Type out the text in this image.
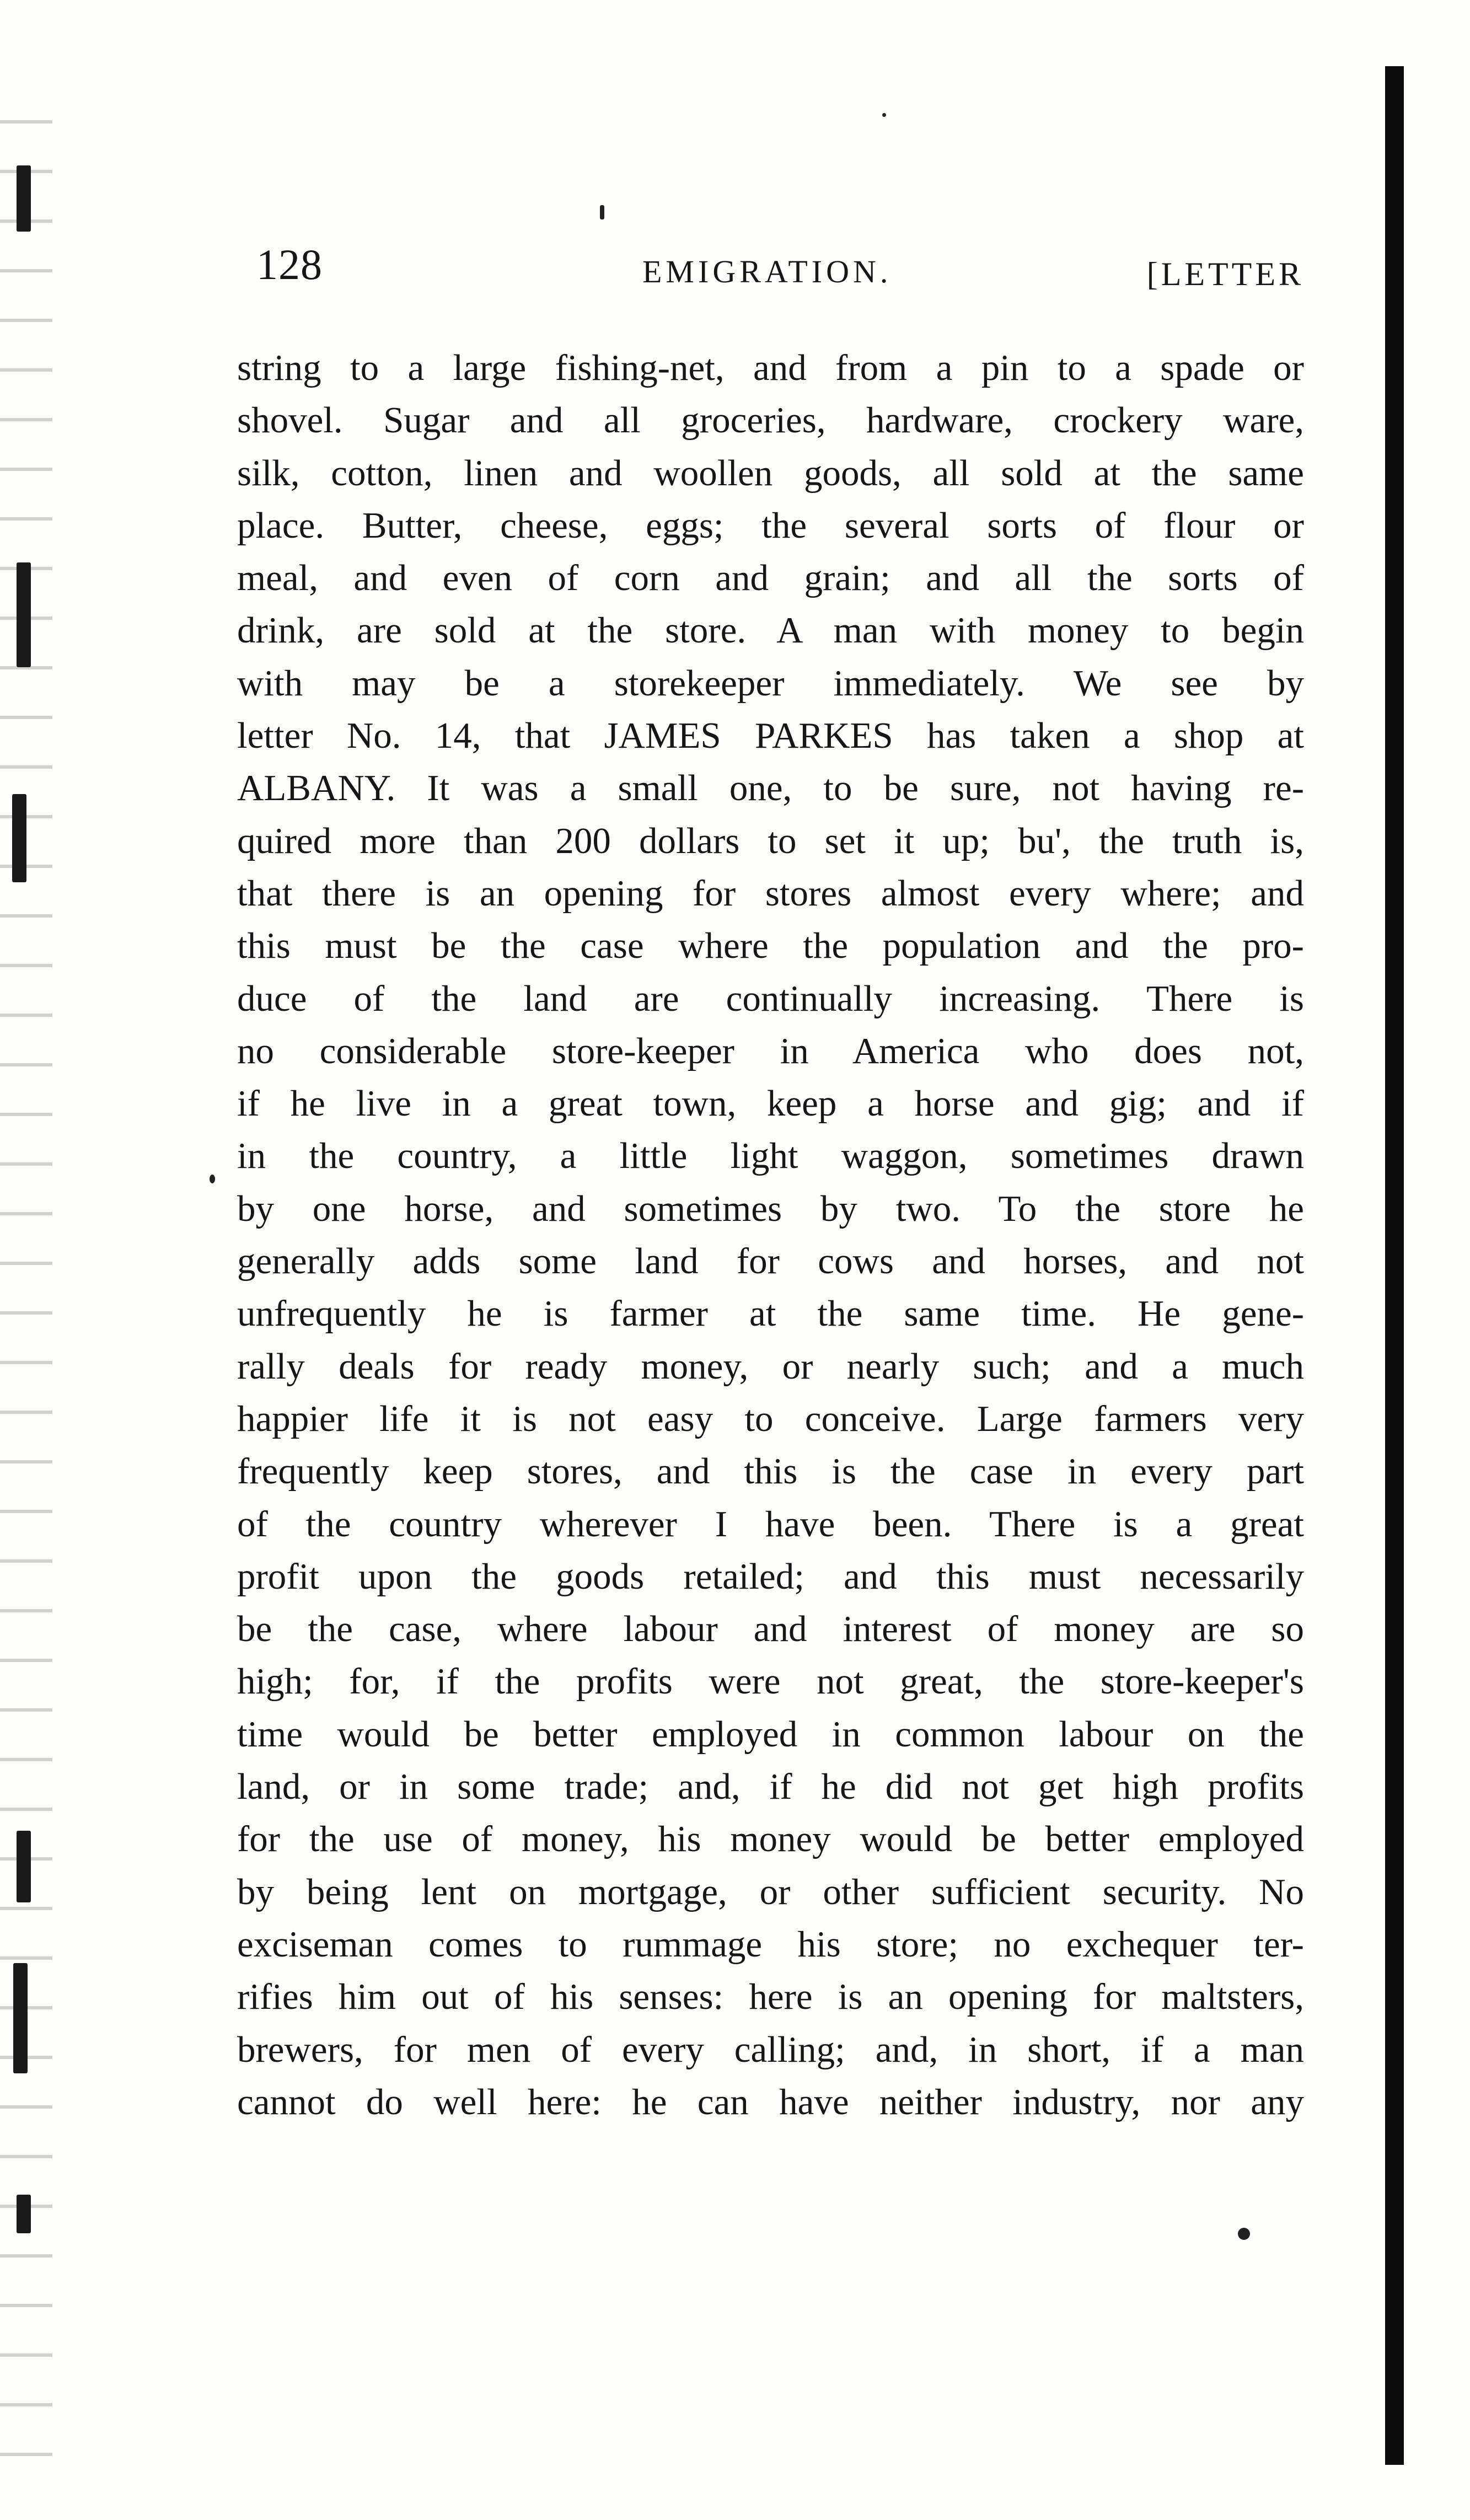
128	EMIGRATION.	[LETTER
string to a large fishing-net, and from a pin to a spade or
shovel. Sugar and all groceries, hardware, crockery ware,
silk, cotton, linen and woollen goods, all sold at the same
place. Butter, cheese, eggs; the several sorts of flour or
meal, and even of corn and grain; and all the sorts of
drink, are sold at the store. A man with money to begin
with may be a storekeeper immediately. We see by
letter No. 14, that JAMES PARKES has taken a shop at
ALBANY. It was a small one, to be sure, not having re-
quired more than 200 dollars to set it up; bu', the truth is,
that there is an opening for stores almost every where; and
this must be the case where the population and the pro-
duce of the land are continually increasing. There is
no considerable store-keeper in America who does not,
if he live in a great town, keep a horse and gig; and if
in the country, a little light waggon, sometimes drawn
by one horse, and sometimes by two. To the store he
generally adds some land for cows and horses, and not
unfrequently he is farmer at the same time. He gene-
rally deals for ready money, or nearly such; and a much
happier life it is not easy to conceive. Large farmers very
frequently keep stores, and this is the case in every part
of the country wherever I have been. There is a great
profit upon the goods retailed; and this must necessarily
be the case, where labour and interest of money are so
high; for, if the profits were not great, the store-keeper's
time would be better employed in common labour on the
land, or in some trade; and, if he did not get high profits
for the use of money, his money would be better employed
by being lent on mortgage, or other sufficient security. No
exciseman comes to rummage his store; no exchequer ter-
rifies him out of his senses: here is an opening for maltsters,
brewers, for men of every calling; and, in short, if a man
cannot do well here: he can have neither industry, nor any
